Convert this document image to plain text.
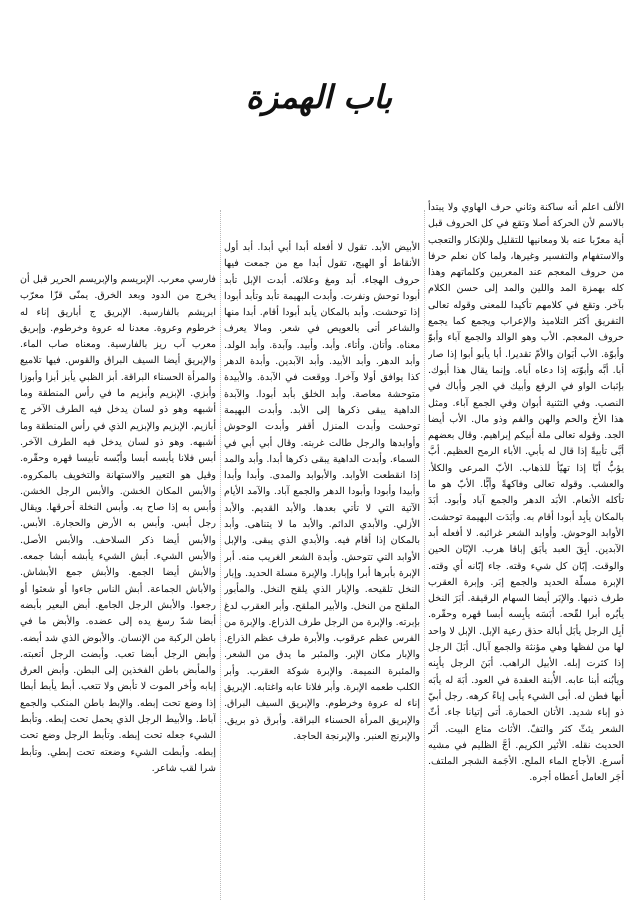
باب الهمزة

الألف اعلم أنه ساكنة وثاني حرف الهاوي ولا يبتدأ بالاسم لأن الحركة أصلا وتقع في كل الحروف قبل أية معرّبا عنه بلا ومعانيها للتقليل وللإنكار والتعجب والاستفهام والتفسير وغيرها، ولما كان نعلم حرفا من حروف المعجم عند المعربين وكلماتهم وهذا كله بهمزة المد واللين والمد إلى حسن الكلام بآخر. وتقع في كلامهم تأكيدا للمعنى وقوله تعالى التفريق أكثر التلاميذ والإعراب ويجمع كما يجمع حروف المعجم. الأب وهو الوالد والجمع آباء وأبوّ وأبوّة. الأب أبَوان والأمّ تقديرا. أبا يأبو أبوا إذا صار أبا. أبَّه وأبوّته إذا دعاه أباه. وإنما يقال هذا أبوك. بإثبات الواو في الرفع وأبيك في الجر وأباك في النصب. وفي التثنية أبوان وفي الجمع آباء. ومثل هذا الأخ والحم والهن والفم وذو مال. الأب أيضا الجد. وقوله تعالى ملة أبيكم إبراهيم. وقال بعضهم أبَّى تأبيةً إذا قال له بأبي. الأباء الرمح العظيم. أبَّ يؤبُّ أبّا إذا تهيّأ للذهاب. الأبّ المرعى والكلأ. والعشب. وقوله تعالى وفاكهةً وأبًّا. الأبّ هو ما تأكله الأنعام. الأبَد الدهر والجمع آباد وأبود. أبَدَ بالمكان يأبِد أبودا أقام به. وأبَدَت البهيمة توحشت. الأوابد الوحوش. وأوابد الشعر غرائبه. لا أفعله أبد الآبدين. أبِقَ العبد يأبَق إباقا هرب. الإبّان الحين والوقت. إبّان كل شيء وقته. جاء إبّانه أي وقته. الإبرة مسلّة الحديد والجمع إبَر. وإبرة العقرب طرف ذنبها. والإبَر أيضا السهام الرقيقة. أبَرَ النخل يأبُره أبرا لقّحه. أبَسَه يأبِسه أبسا قهره وحقّره. أبِل الرجل يأبَل أبالة حذق رعية الإبل. الإبل لا واحد لها من لفظها وهي مؤنثة والجمع آبال. أبَلَ الرجل إذا كثرت إبله. الأبيل الراهب. أبَنَ الرجل يأبِنه ويأبُنه أبنا عابه. الأُبنة العقدة في العود. أبَهَ له يأبَه أبها فطن له. أبى الشيء يأبى إباءً كرهه. رجل أبيّ ذو إباء شديد. الأتان الحمارة. أتى إتيانا جاء. أثّ الشعر يئثّ كثر والتفّ. الأثاث متاع البيت. أثَر الحديث نقله. الأثير الكريم. أجَّ الظليم في مشيه أسرع. الأجاج الماء الملح. الأجَمة الشجر الملتف. أجَر العامل أعطاه أجره.

الأبيض الأبد. تقول لا أفعله أبدا أبي أبدا. أبد أول الأنقاط أو الهيج، تقول أبدا مع من جمعت فيها حروف الهجاء. أبد ومغ وعلائه. أبدت الإبل تأبد أبودا توحش ونفرت. وأبدت البهيمة تأبد وتأبد أبودا إذا توحشت. وأبد بالمكان يأبد أبودا أقام. أبدا منها والشاعر أتى بالعويص في شعر. ومالا يعرف معناه. وأتان. وأتاء. وأبد. وأبيد. وآبدة. وأبد الولد. وأبد الدهر. وأبد الأبيد. وأبد الآبدين. وأبدة الدهر كذا يوافق أولا وآخرا. ووقعت في الآبدة. والأبيدة متوحشة معاصة. وأبد الخلق بأبد أبودا. والآبدة الداهية يبقى ذكرها إلى الأبد. وأبدت البهيمة توحشت وأبدت المنزل أقفر وأبدت الوحوش وأوابدها والرجل طالت غربته. وقال أبي أبي في السماء. وأبدت الداهية يبقى ذكرها أبدا. وأبد والمد إذا انقطعت الأوابد. والأبوابد والمدى. وأبدا وأبدا وأبيدا وأبودا وأبودا الدهر والجمع آباد. والآمد الأيام الآتية التي لا تأتي بعدها. والأبد القديم. والأبد الأزلي. والأبدي الدائم. والأبد ما لا يتناهى. وأبد بالمكان إذا أقام فيه. والأبدي الذي يبقى. والإبل الأوابد التي تتوحش. وأبدة الشعر الغريب منه. أبر الإبرة بأبرها أبرا وإبارا. والإبرة مسلة الحديد. وإبار النخل تلقيحه. والإبار الذي يلقح النخل. والمأبور الملقح من النخل. والأبير الملقح. وأبر العقرب لدغ بإبرته. والإبرة من الرجل طرف الذراع. والإبرة من الفرس عظم عرقوب. والأبرة طرف عظم الذراع. والإبار مكان الإبر. والمئبر ما يدق من الشعر. والمئبرة النميمة. والإبرة شوكة العقرب. وأبر الكلب طعمه الإبرة. وأبر فلانا عابه واغتابه. الإبريق إناء له عروة وخرطوم. والإبريق السيف البراق. والإبريق المرأة الحسناء البراقة. وأبرق ذو بريق. والإبرنج العنبر. والإبرنجة الحاجة.

فارسي معرب. الإبريسم والإبريسم الحرير قبل أن يخرج من الدود وبعد الخرق. يمنّى قزّا معرّب ابريشم بالفارسية. الإبريق ج أباريق إناء له خرطوم وعروة. معدنا له عروة وخرطوم. وإبريق معرب آب ريز بالفارسية. ومعناه صاب الماء. والإبريق أيضا السيف البراق والقوس. فيها تلاميع والمرأة الحسناء البراقة. أبز الظبي يأبز أبزا وأبوزا وأبزي. الإبزيم وأبزيم ما في رأس المنطقة وما أشبهه وهو ذو لسان يدخل فيه الطرف الآخر ج أبازيم. الإبزيم والإبزيم الذي في رأس المنطقة وما أشبهه. وهو ذو لسان يدخل فيه الطرف الآخر. أبس فلانا يأبسه أبسا وأبّسه تأبيسا قهره وحقّره. وقيل هو التعيير والاستهانة والتخويف بالمكروه. والأبس المكان الخشن. والأبس الرجل الخشن. وأبس به إذا صاح به. وأبس النخلة أحرقها. ويقال رجل أبس. وأبس به الأرض والحجارة. الأبس. والأبس أيضا ذكر السلاحف. والأبس الأصل. والأبس الشيء. أبش الشيء يأبشه أبشا جمعه. والأبش أيضا الجمع. والأبش جمع الأبشاش. والأباش الجماعة. أبش الناس جاءوا أو شعثوا أو رجعوا. والأبش الرجل الجامع. أبض البعير بأبضه أبضا شدّ رسغ يده إلى عضده. والأبض ما في باطن الركبة من الإنسان. والأبوض الذي شد أبضه. وأبض الرجل أبضا تعب. وأبضت الرجل أتعبته. والمأبض باطن الفخذين إلى البطن. وأبض العرق إبابه وأخر الموت لا تأبض ولا تتعب. أبط يأبط أبطا إذا وضع تحت إبطه. والإبط باطن المنكب والجمع آباط. والأبيط الرجل الذي يحمل تحت إبطه. وتأبط الشيء جعله تحت إبطه. وتأبط الرجل وضع تحت إبطه. وأبطت الشيء وضعته تحت إبطي. وتأبط شرا لقب شاعر.
